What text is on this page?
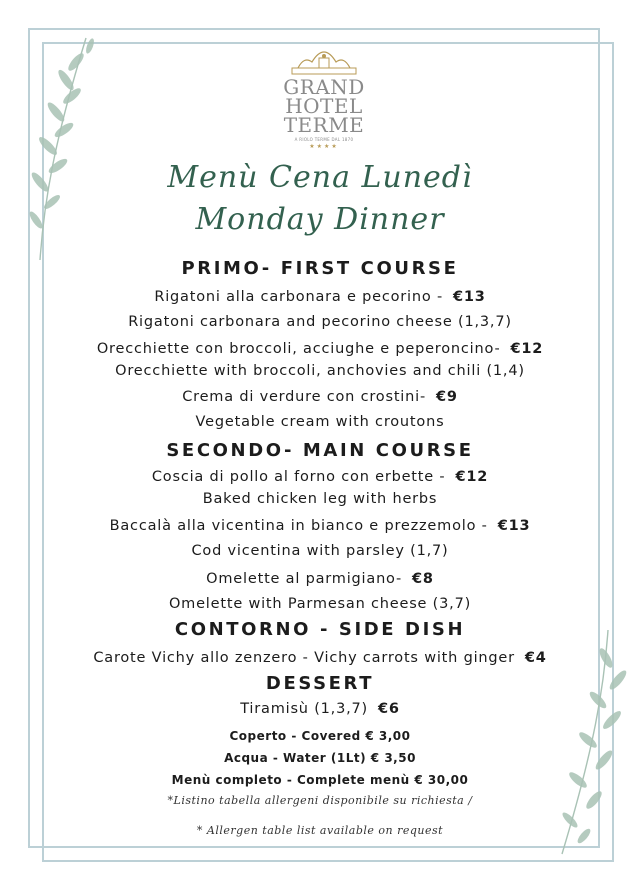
GRAND
HOTEL
TERME
A RIOLO TERME DAL 1870
★★★★
Menù Cena Lunedì
Monday Dinner
PRIMO- FIRST COURSE
Rigatoni alla carbonara e pecorino - €13
Rigatoni carbonara and pecorino cheese (1,3,7)
Orecchiette con broccoli, acciughe e peperoncino- €12
Orecchiette with broccoli, anchovies and chili (1,4)
Crema di verdure con crostini- €9
Vegetable cream with croutons
SECONDO- MAIN COURSE
Coscia di pollo al forno con erbette - €12
Baked chicken leg with herbs
Baccalà alla vicentina in bianco e prezzemolo - €13
Cod vicentina with parsley (1,7)
Omelette al parmigiano- €8
Omelette with Parmesan cheese (3,7)
CONTORNO - SIDE DISH
Carote Vichy allo zenzero - Vichy carrots with ginger €4
DESSERT
Tiramisù (1,3,7) €6
Coperto - Covered € 3,00
Acqua - Water (1Lt) € 3,50
Menù completo - Complete menù € 30,00
*Listino tabella allergeni disponibile su richiesta /
* Allergen table list available on request
